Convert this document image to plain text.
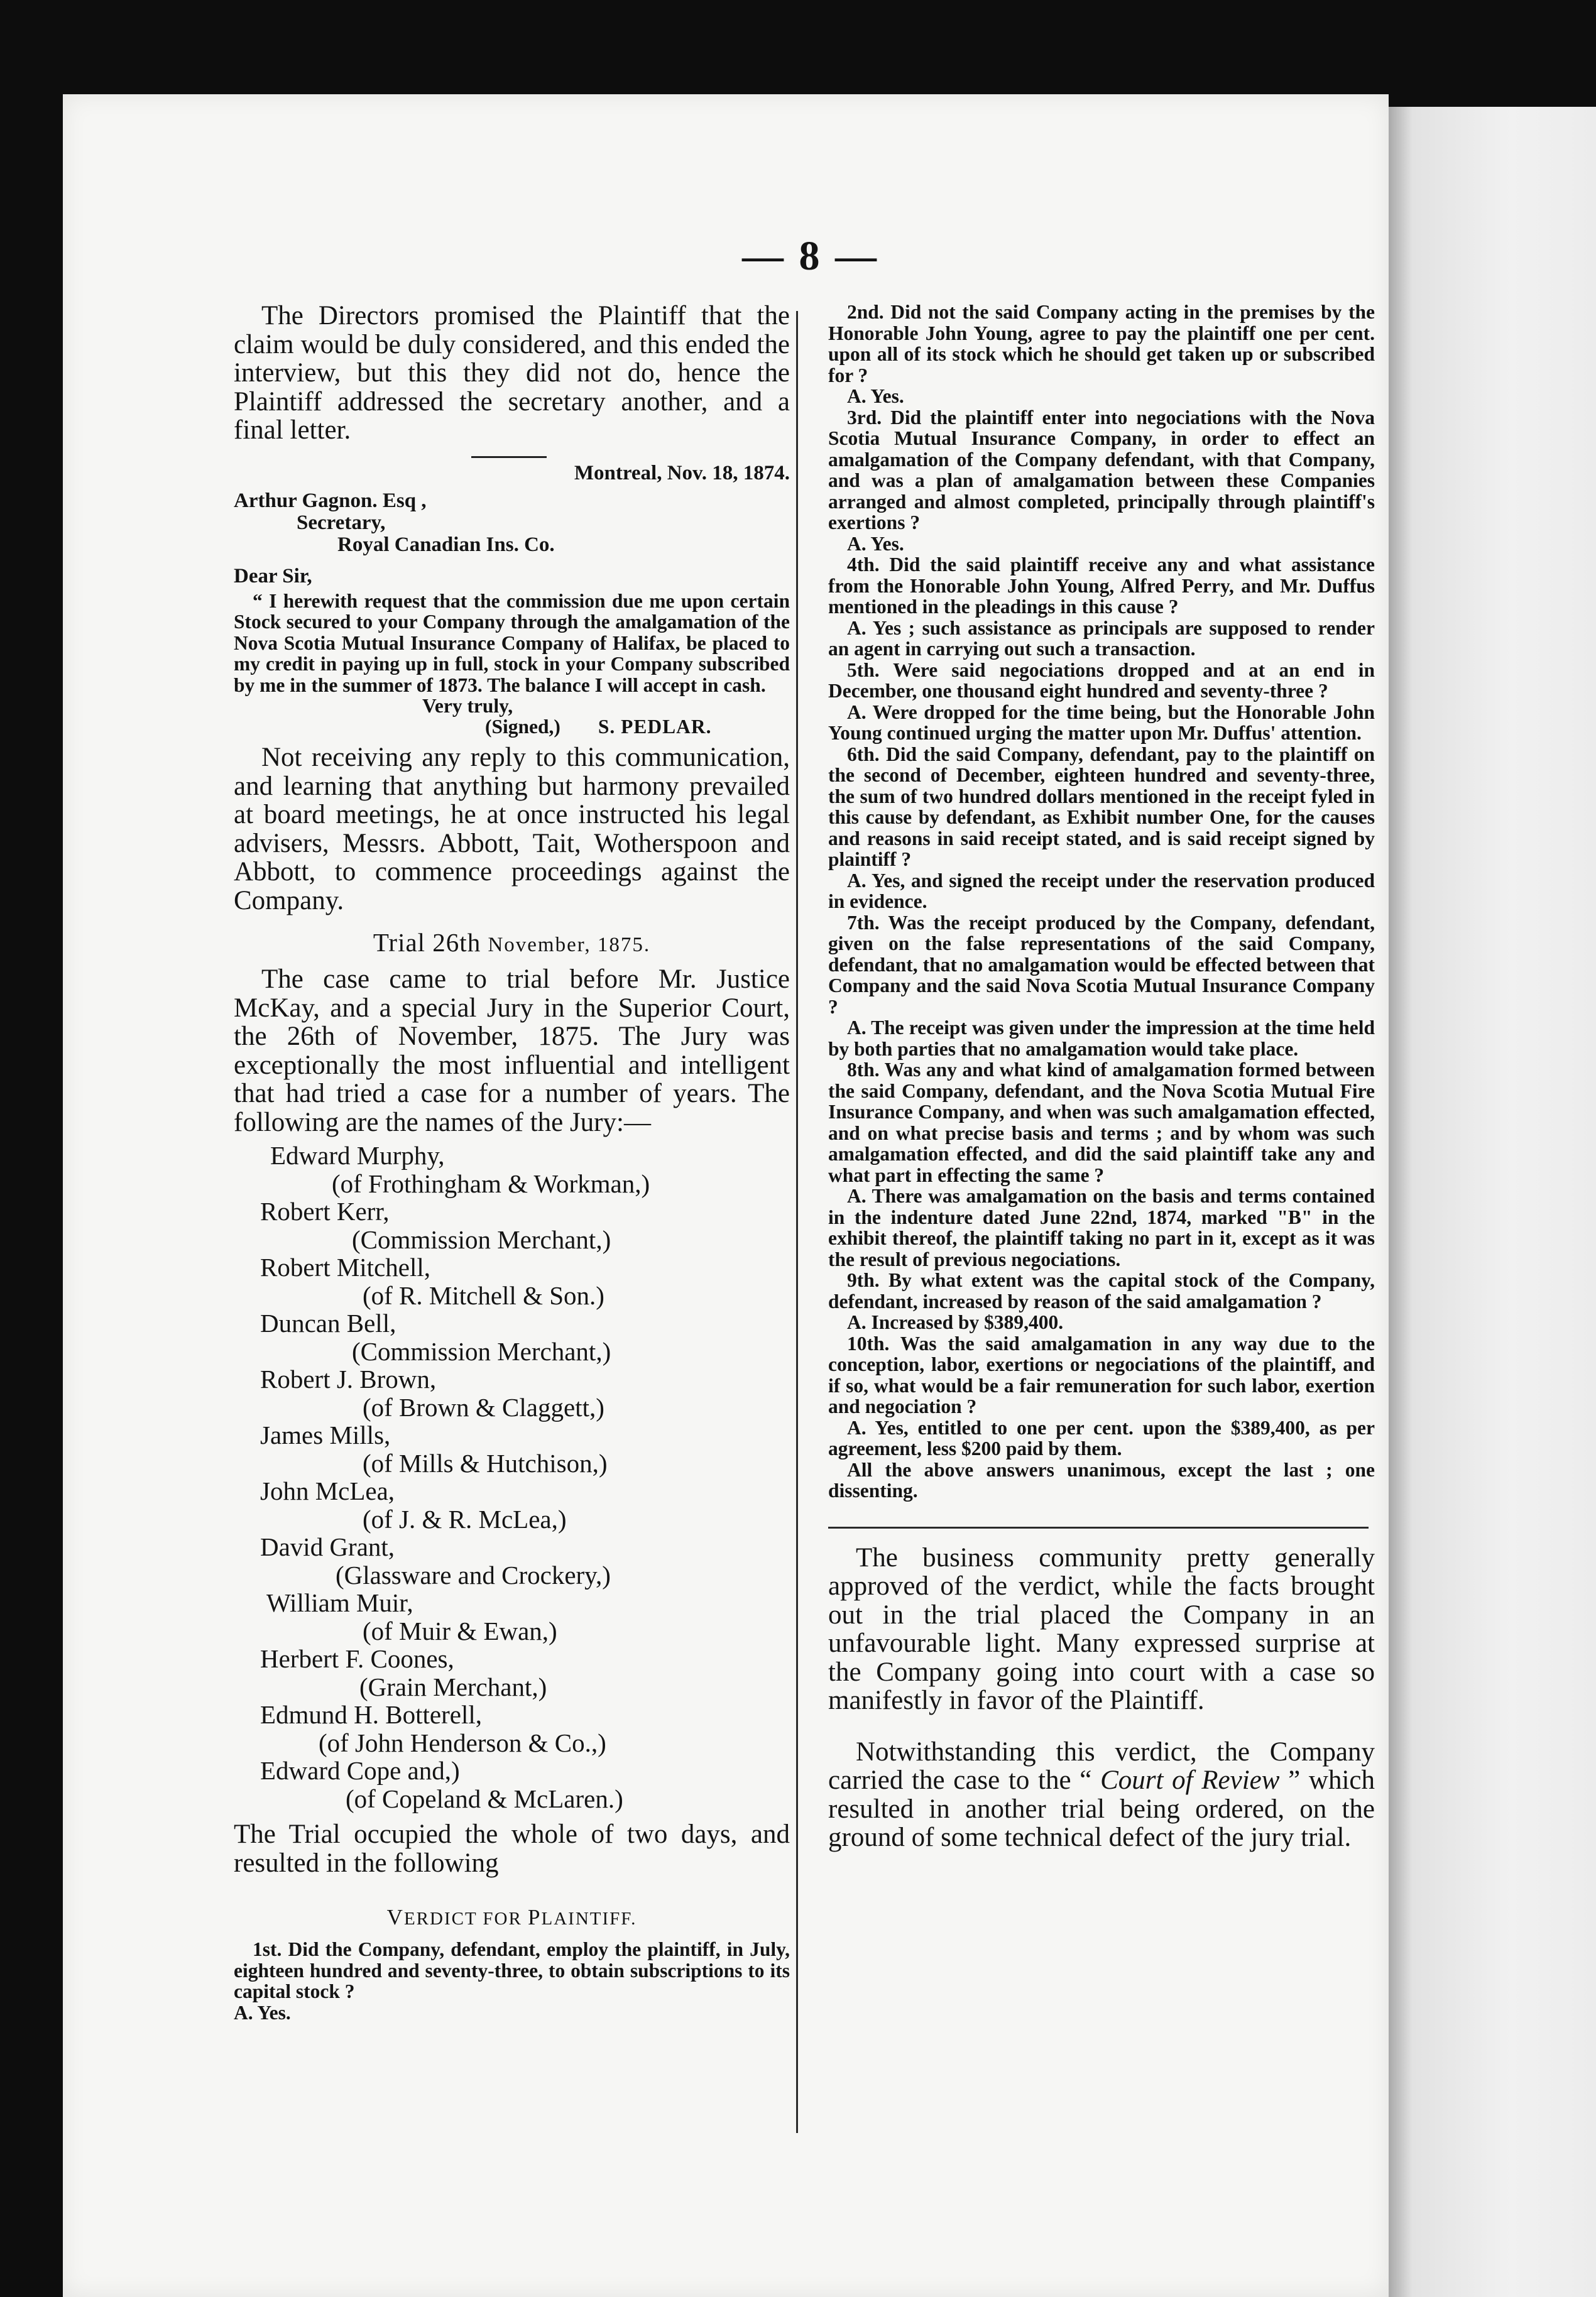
— 8 —

The Directors promised the Plaintiff that the claim would be duly considered, and this ended the interview, but this they did not do, hence the Plaintiff addressed the secretary another, and a final letter.

Montreal, Nov. 18, 1874.
Arthur Gagnon. Esq ,
Secretary,
Royal Canadian Ins. Co.
Dear Sir,

“ I herewith request that the commission due me upon certain Stock secured to your Company through the amalgamation of the Nova Scotia Mutual Insurance Company of Halifax, be placed to my credit in paying up in full, stock in your Company subscribed by me in the summer of 1873. The balance I will accept in cash.

Very truly,
(Signed,) S. PEDLAR.

Not receiving any reply to this communication, and learning that anything but harmony prevailed at board meetings, he at once instructed his legal advisers, Messrs. Abbott, Tait, Wotherspoon and Abbott, to commence proceedings against the Company.

Trial 26th November, 1875.

The case came to trial before Mr. Justice McKay, and a special Jury in the Superior Court, the 26th of November, 1875. The Jury was exceptionally the most influential and intelligent that had tried a case for a number of years. The following are the names of the Jury:—

Edward Murphy,
(of Frothingham & Workman,)
Robert Kerr,
(Commission Merchant,)
Robert Mitchell,
(of R. Mitchell & Son.)
Duncan Bell,
(Commission Merchant,)
Robert J. Brown,
(of Brown & Claggett,)
James Mills,
(of Mills & Hutchison,)
John McLea,
(of J. & R. McLea,)
David Grant,
(Glassware and Crockery,)
William Muir,
(of Muir & Ewan,)
Herbert F. Coones,
(Grain Merchant,)
Edmund H. Botterell,
(of John Henderson & Co.,)
Edward Cope and,)
(of Copeland & McLaren.)

The Trial occupied the whole of two days, and resulted in the following

VERDICT FOR PLAINTIFF.

1st. Did the Company, defendant, employ the plaintiff, in July, eighteen hundred and seventy-three, to obtain subscriptions to its capital stock ?

A. Yes.

2nd. Did not the said Company acting in the premises by the Honorable John Young, agree to pay the plaintiff one per cent. upon all of its stock which he should get taken up or subscribed for ?

A. Yes.

3rd. Did the plaintiff enter into negociations with the Nova Scotia Mutual Insurance Company, in order to effect an amalgamation of the Company defendant, with that Company, and was a plan of amalgamation between these Companies arranged and almost completed, principally through plaintiff's exertions ?

A. Yes.

4th. Did the said plaintiff receive any and what assistance from the Honorable John Young, Alfred Perry, and Mr. Duffus mentioned in the pleadings in this cause ?

A. Yes ; such assistance as principals are supposed to render an agent in carrying out such a transaction.

5th. Were said negociations dropped and at an end in December, one thousand eight hundred and seventy-three ?

A. Were dropped for the time being, but the Honorable John Young continued urging the matter upon Mr. Duffus' attention.

6th. Did the said Company, defendant, pay to the plaintiff on the second of December, eighteen hundred and seventy-three, the sum of two hundred dollars mentioned in the receipt fyled in this cause by defendant, as Exhibit number One, for the causes and reasons in said receipt stated, and is said receipt signed by plaintiff ?

A. Yes, and signed the receipt under the reservation produced in evidence.

7th. Was the receipt produced by the Company, defendant, given on the false representations of the said Company, defendant, that no amalgamation would be effected between that Company and the said Nova Scotia Mutual Insurance Company ?

A. The receipt was given under the impression at the time held by both parties that no amalgamation would take place.

8th. Was any and what kind of amalgamation formed between the said Company, defendant, and the Nova Scotia Mutual Fire Insurance Company, and when was such amalgamation effected, and on what precise basis and terms ; and by whom was such amalgamation effected, and did the said plaintiff take any and what part in effecting the same ?

A. There was amalgamation on the basis and terms contained in the indenture dated June 22nd, 1874, marked "B" in the exhibit thereof, the plaintiff taking no part in it, except as it was the result of previous negociations.

9th. By what extent was the capital stock of the Company, defendant, increased by reason of the said amalgamation ?

A. Increased by $389,400.

10th. Was the said amalgamation in any way due to the conception, labor, exertions or negociations of the plaintiff, and if so, what would be a fair remuneration for such labor, exertion and negociation ?

A. Yes, entitled to one per cent. upon the $389,400, as per agreement, less $200 paid by them.

All the above answers unanimous, except the last ; one dissenting.

The business community pretty generally approved of the verdict, while the facts brought out in the trial placed the Company in an unfavourable light. Many expressed surprise at the Company going into court with a case so manifestly in favor of the Plaintiff.

Notwithstanding this verdict, the Company carried the case to the “ Court of Review ” which resulted in another trial being ordered, on the ground of some technical defect of the jury trial.
